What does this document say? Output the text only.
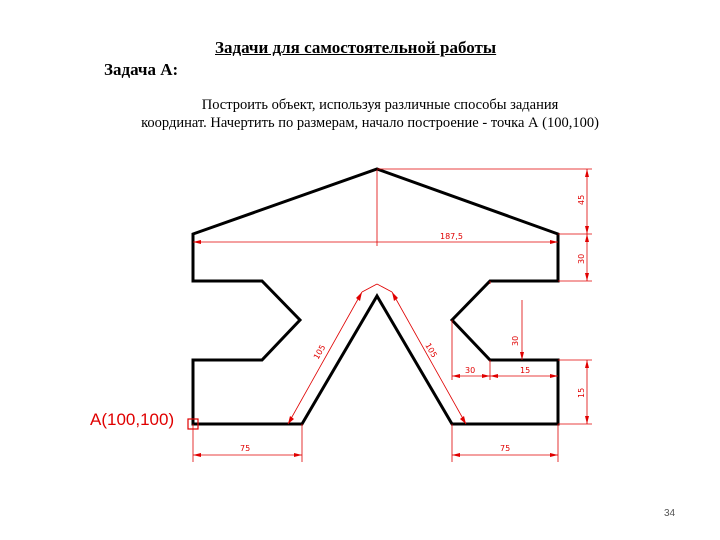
Задачи для самостоятельной работы
Задача А:
Построить объект, используя различные способы задания
координат. Начертить по размерам, начало построение - точка А (100,100)
187,5
45
30
30
30	15
15
105	105
75	75
A(100,100)
34
